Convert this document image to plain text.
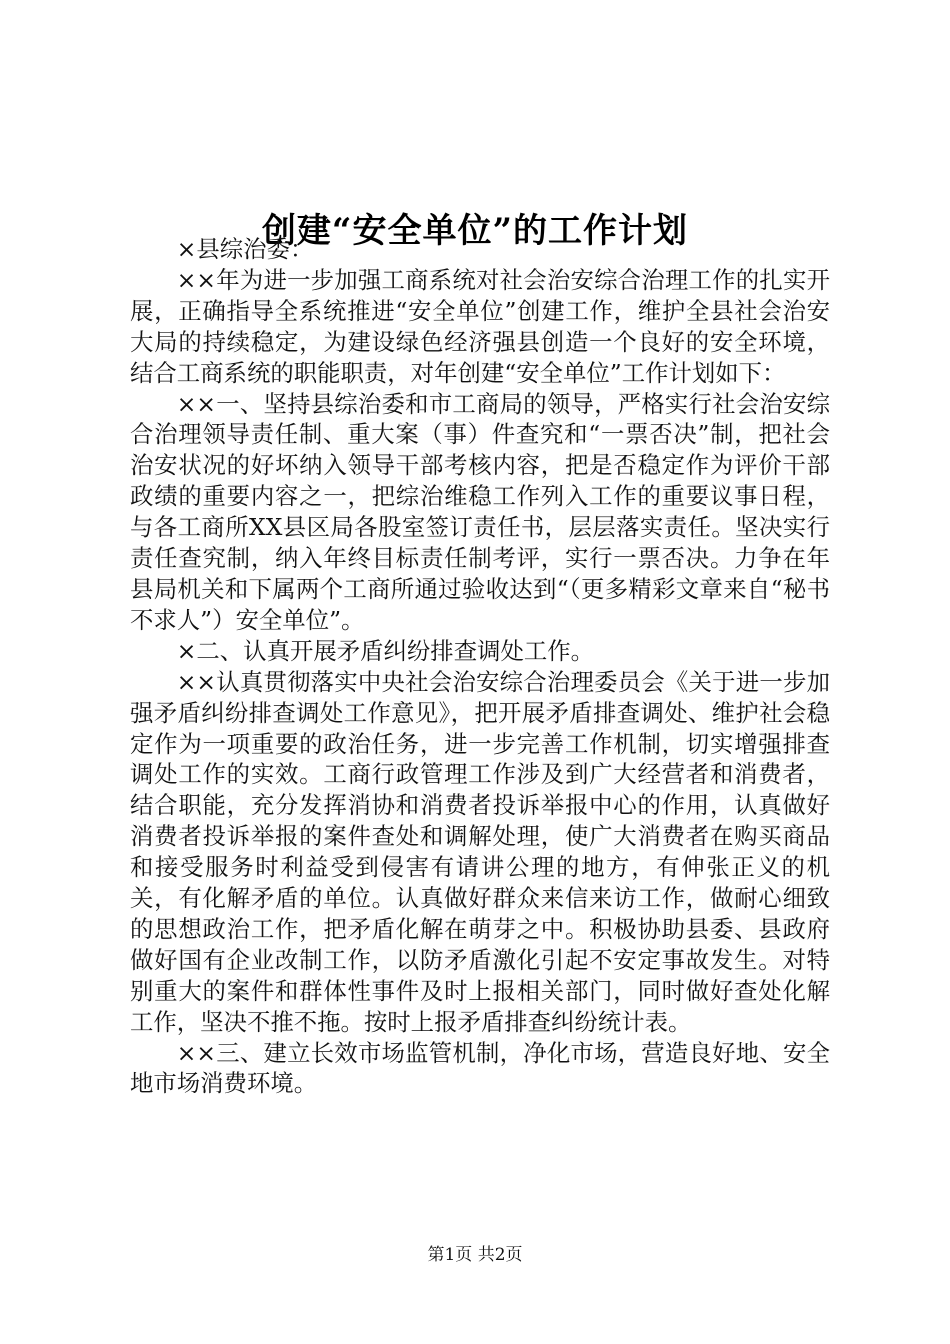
创建“安全单位”的工作计划

×县综治委：

××年为进一步加强工商系统对社会治安综合治理工作的扎实开展，正确指导全系统推进“安全单位”创建工作，维护全县社会治安大局的持续稳定，为建设绿色经济强县创造一个良好的安全环境，结合工商系统的职能职责，对年创建“安全单位”工作计划如下：

××一、坚持县综治委和市工商局的领导，严格实行社会治安综合治理领导责任制、重大案（事）件查究和“一票否决”制，把社会治安状况的好坏纳入领导干部考核内容，把是否稳定作为评价干部政绩的重要内容之一，把综治维稳工作列入工作的重要议事日程，与各工商所XX县区局各股室签订责任书，层层落实责任。坚决实行责任查究制，纳入年终目标责任制考评，实行一票否决。力争在年县局机关和下属两个工商所通过验收达到“（更多精彩文章来自“秘书不求人”）安全单位”。

×二、认真开展矛盾纠纷排查调处工作。

××认真贯彻落实中央社会治安综合治理委员会《关于进一步加强矛盾纠纷排查调处工作意见》，把开展矛盾排查调处、维护社会稳定作为一项重要的政治任务，进一步完善工作机制，切实增强排查调处工作的实效。工商行政管理工作涉及到广大经营者和消费者，结合职能，充分发挥消协和消费者投诉举报中心的作用，认真做好消费者投诉举报的案件查处和调解处理，使广大消费者在购买商品和接受服务时利益受到侵害有请讲公理的地方，有伸张正义的机关，有化解矛盾的单位。认真做好群众来信来访工作，做耐心细致的思想政治工作，把矛盾化解在萌芽之中。积极协助县委、县政府做好国有企业改制工作，以防矛盾激化引起不安定事故发生。对特别重大的案件和群体性事件及时上报相关部门，同时做好查处化解工作，坚决不推不拖。按时上报矛盾排查纠纷统计表。

××三、建立长效市场监管机制，净化市场，营造良好地、安全地市场消费环境。

第1页 共2页
